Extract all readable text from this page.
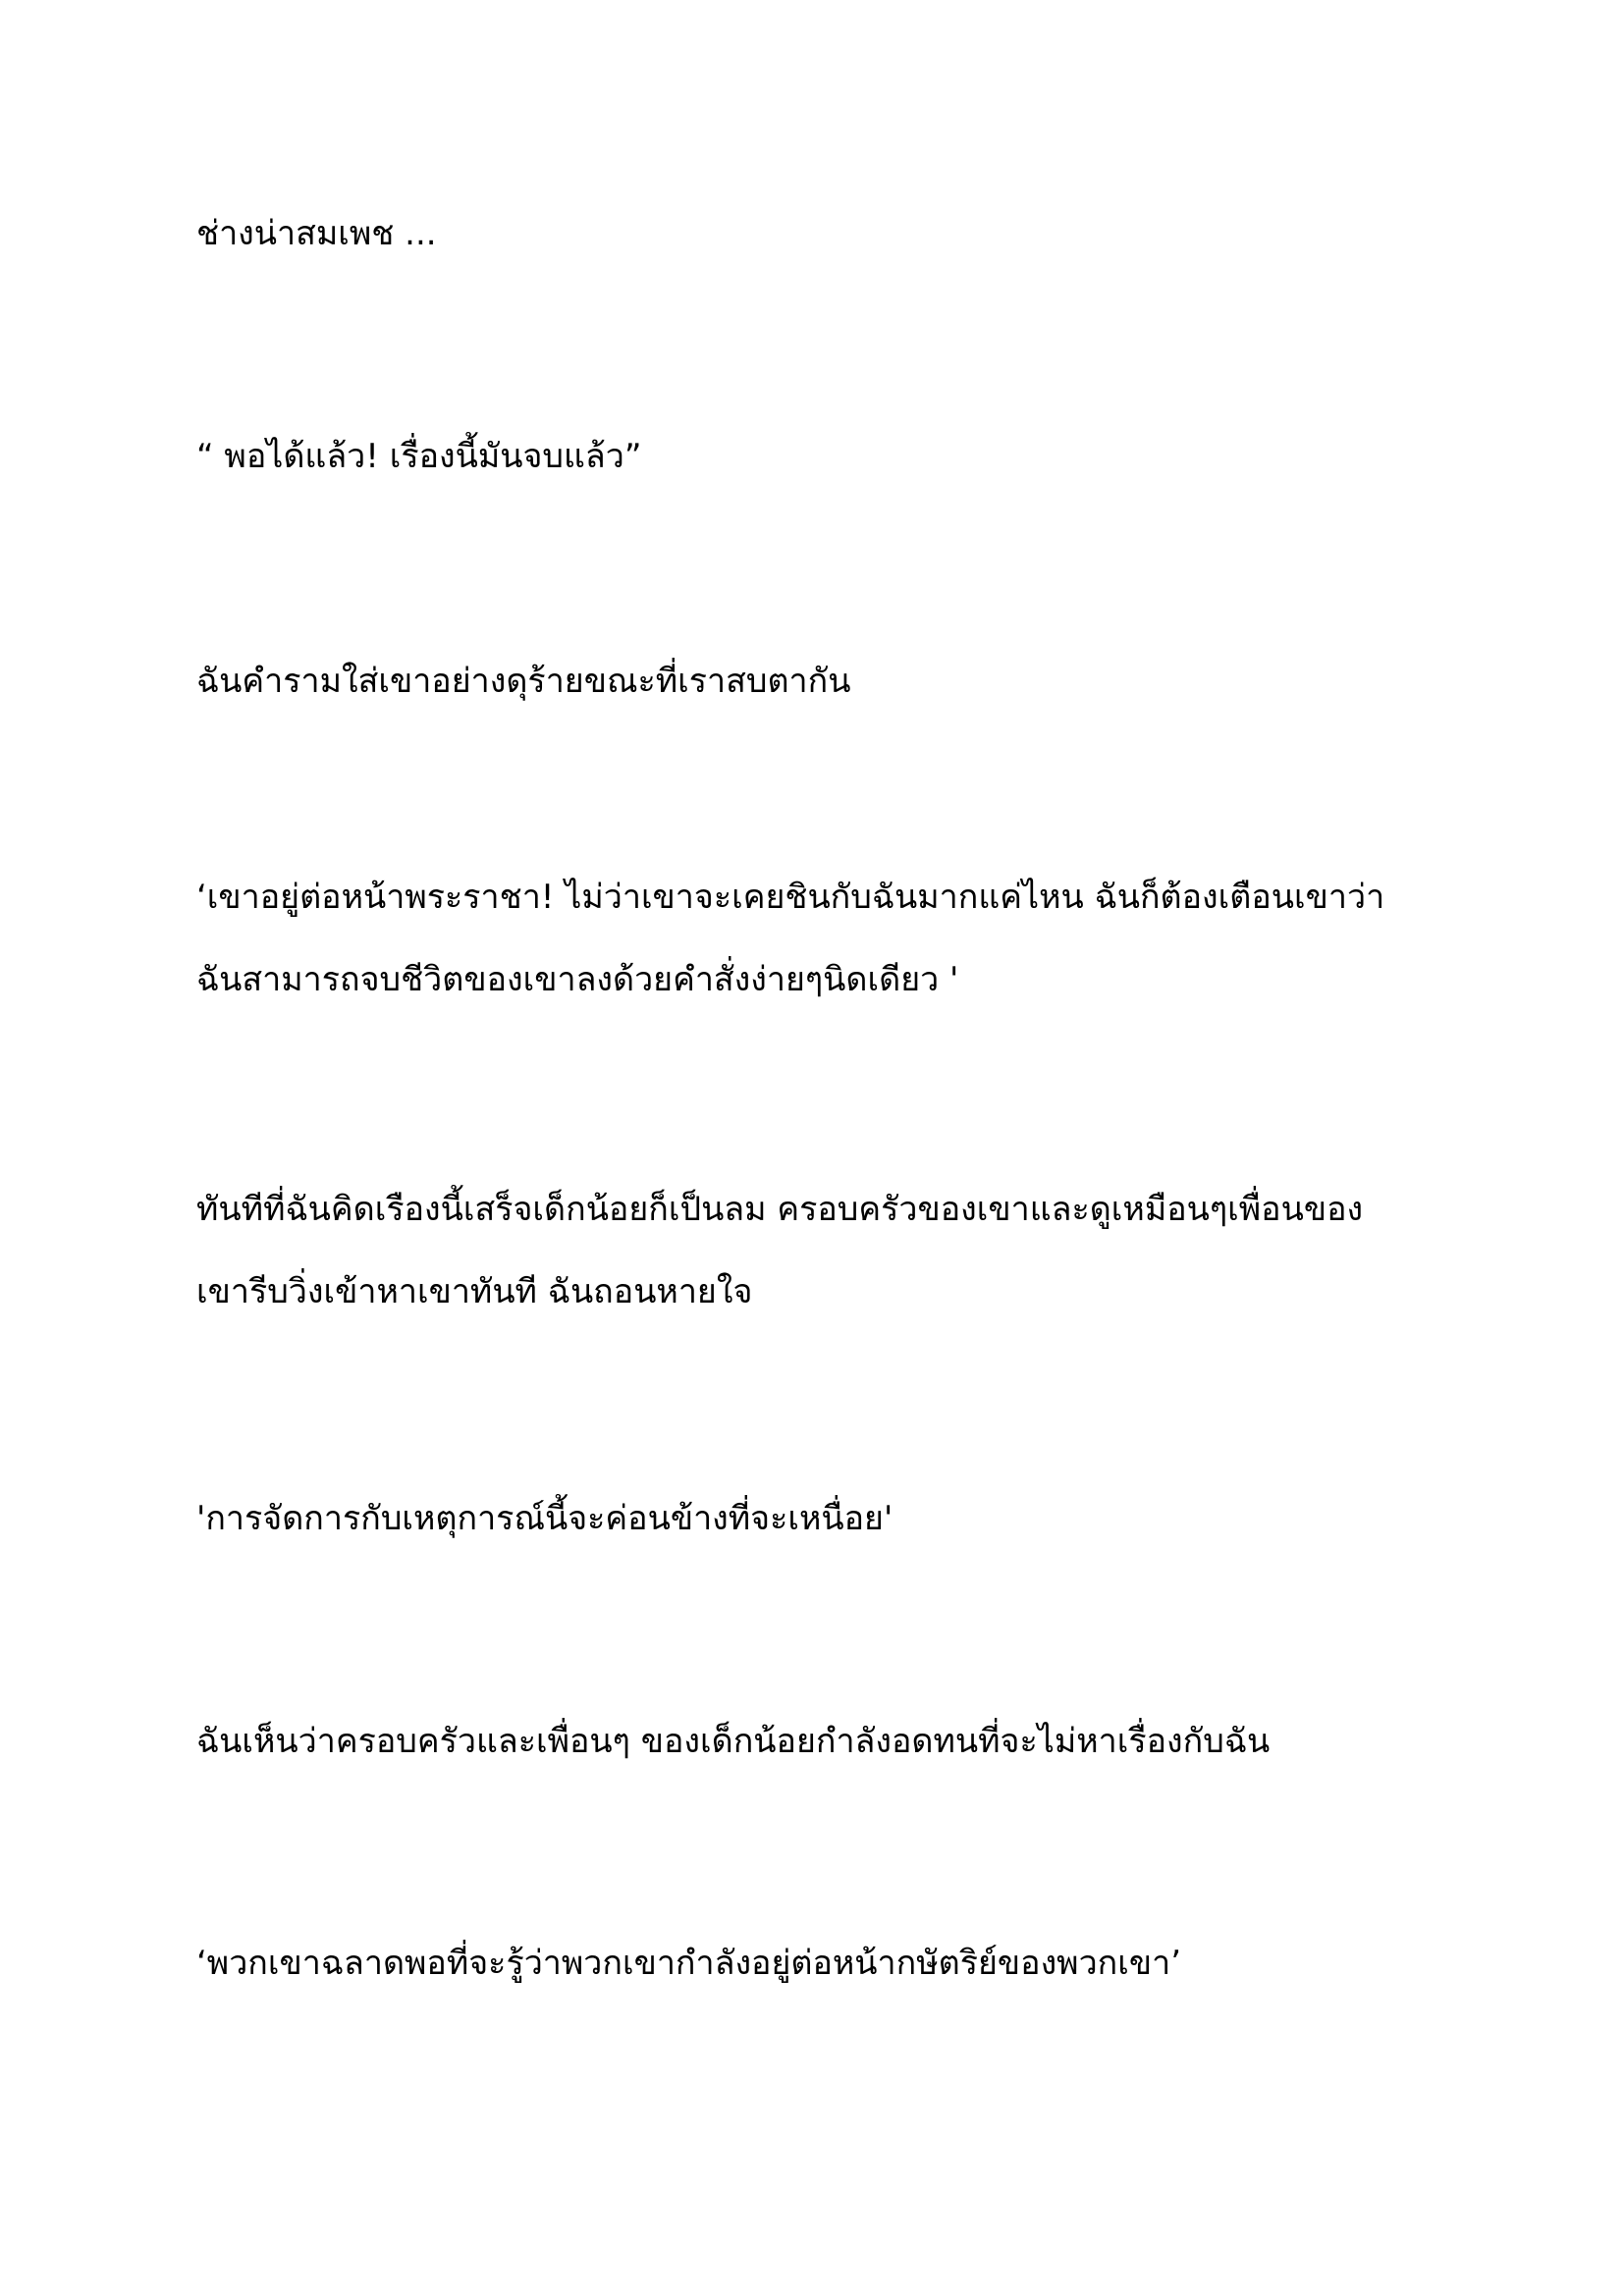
ช่างน่าสมเพช ...

“ พอได้แล้ว! เรื่องนี้มันจบแล้ว”

ฉันคำรามใส่เขาอย่างดุร้ายขณะที่เราสบตากัน

‘เขาอยู่ต่อหน้าพระราชา! ไม่ว่าเขาจะเคยชินกับฉันมากแค่ไหน ฉันก็ต้องเตือนเขาว่า
ฉันสามารถจบชีวิตของเขาลงด้วยคำสั่งง่ายๆนิดเดียว '

ทันทีที่ฉันคิดเรืองนี้เสร็จเด็กน้อยก็เป็นลม ครอบครัวของเขาและดูเหมือนๆเพื่อนของ
เขารีบวิ่งเข้าหาเขาทันที ฉันถอนหายใจ

'การจัดการกับเหตุการณ์นี้จะค่อนข้างที่จะเหนื่อย'

ฉันเห็นว่าครอบครัวและเพื่อนๆ ของเด็กน้อยกำลังอดทนที่จะไม่หาเรื่องกับฉัน

‘พวกเขาฉลาดพอที่จะรู้ว่าพวกเขากำลังอยู่ต่อหน้ากษัตริย์ของพวกเขา’
